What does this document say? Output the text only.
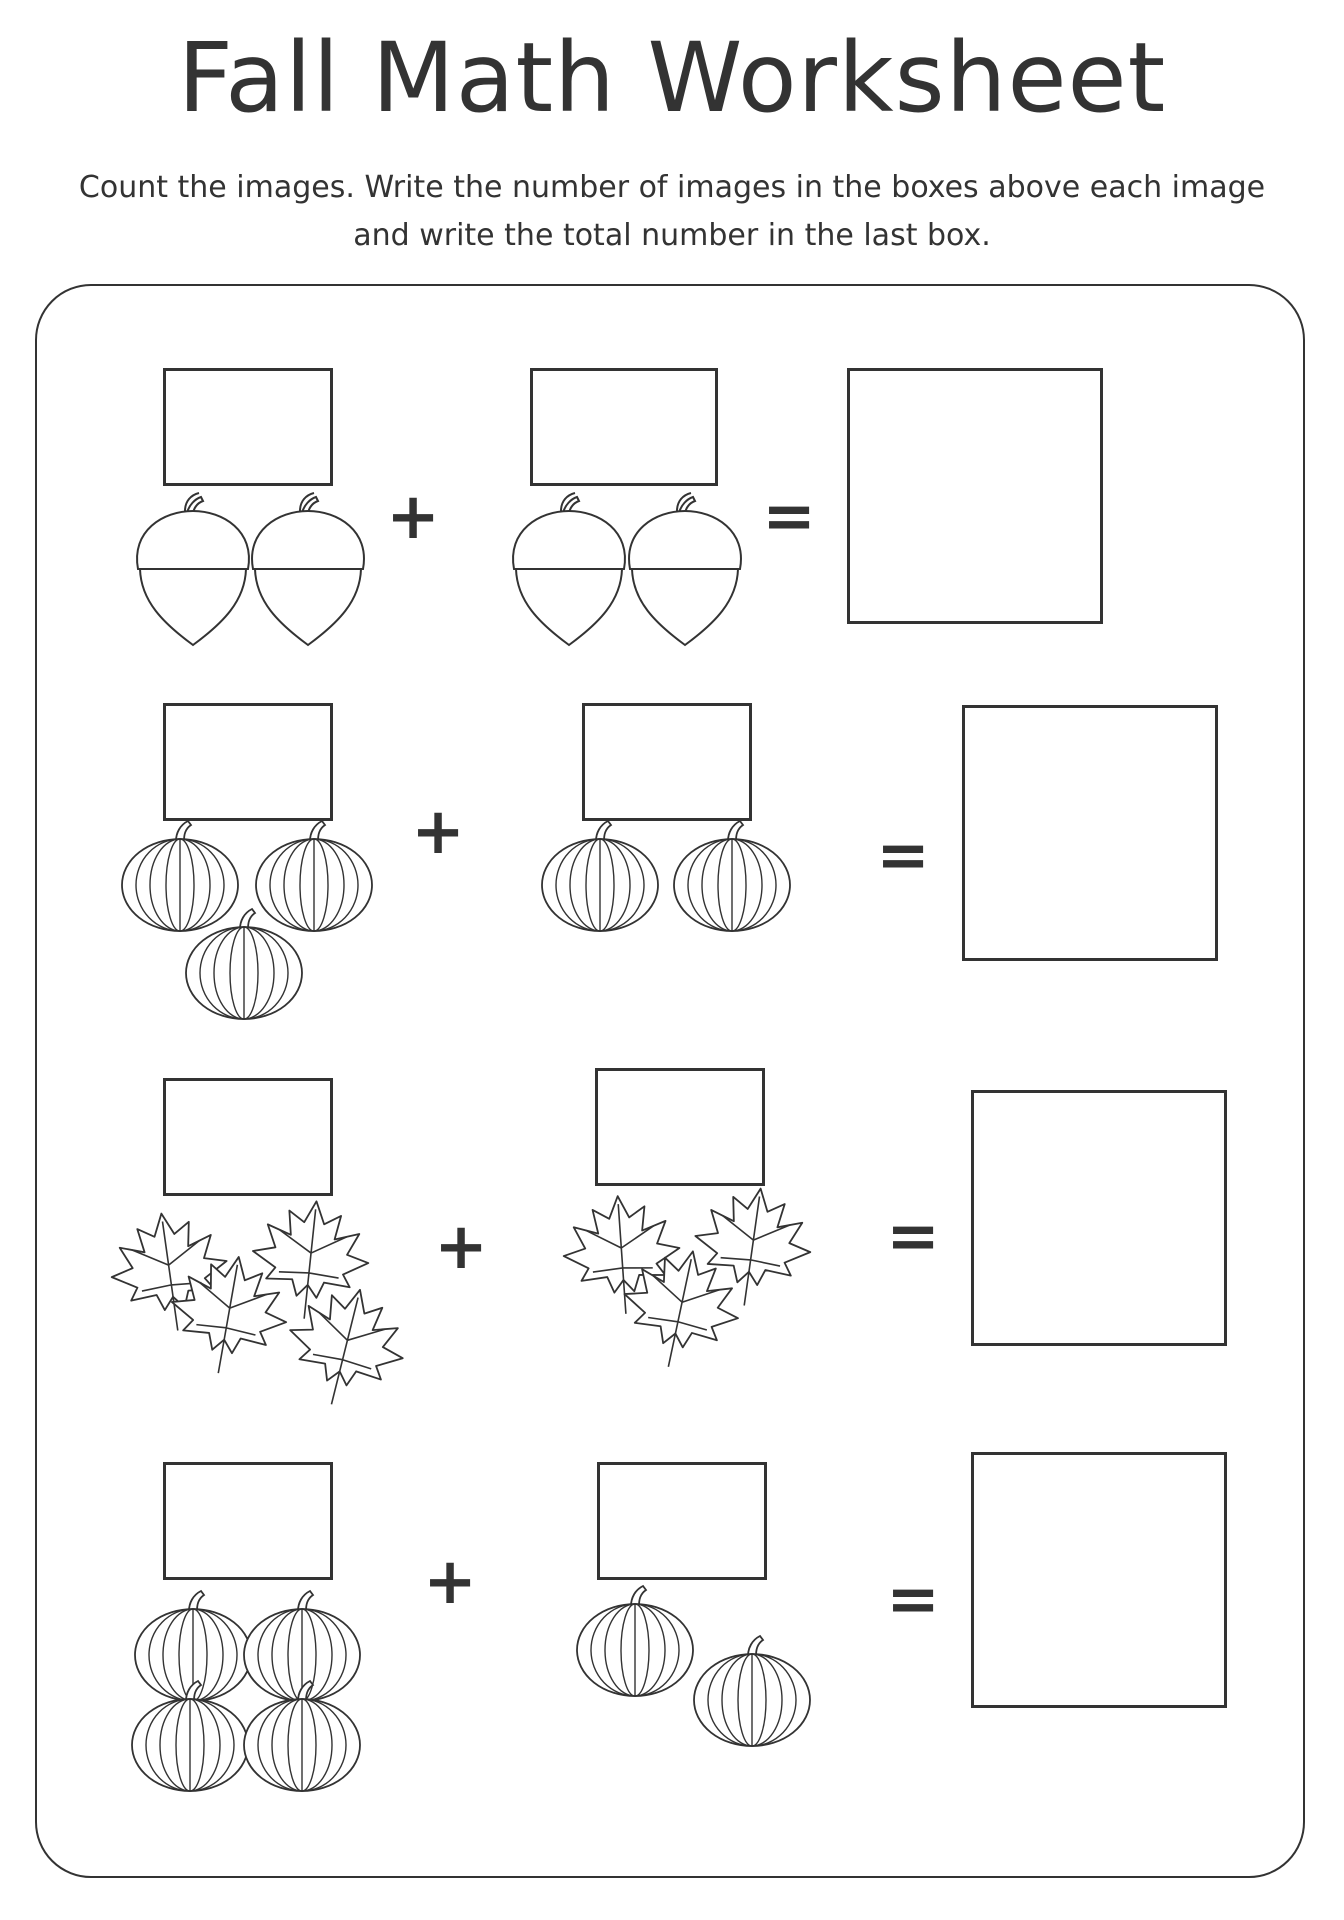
Fall Math Worksheet
Count the images. Write the number of images in the boxes above each image
and write the total number in the last box.
+	=
+	=
+	=
+	=
